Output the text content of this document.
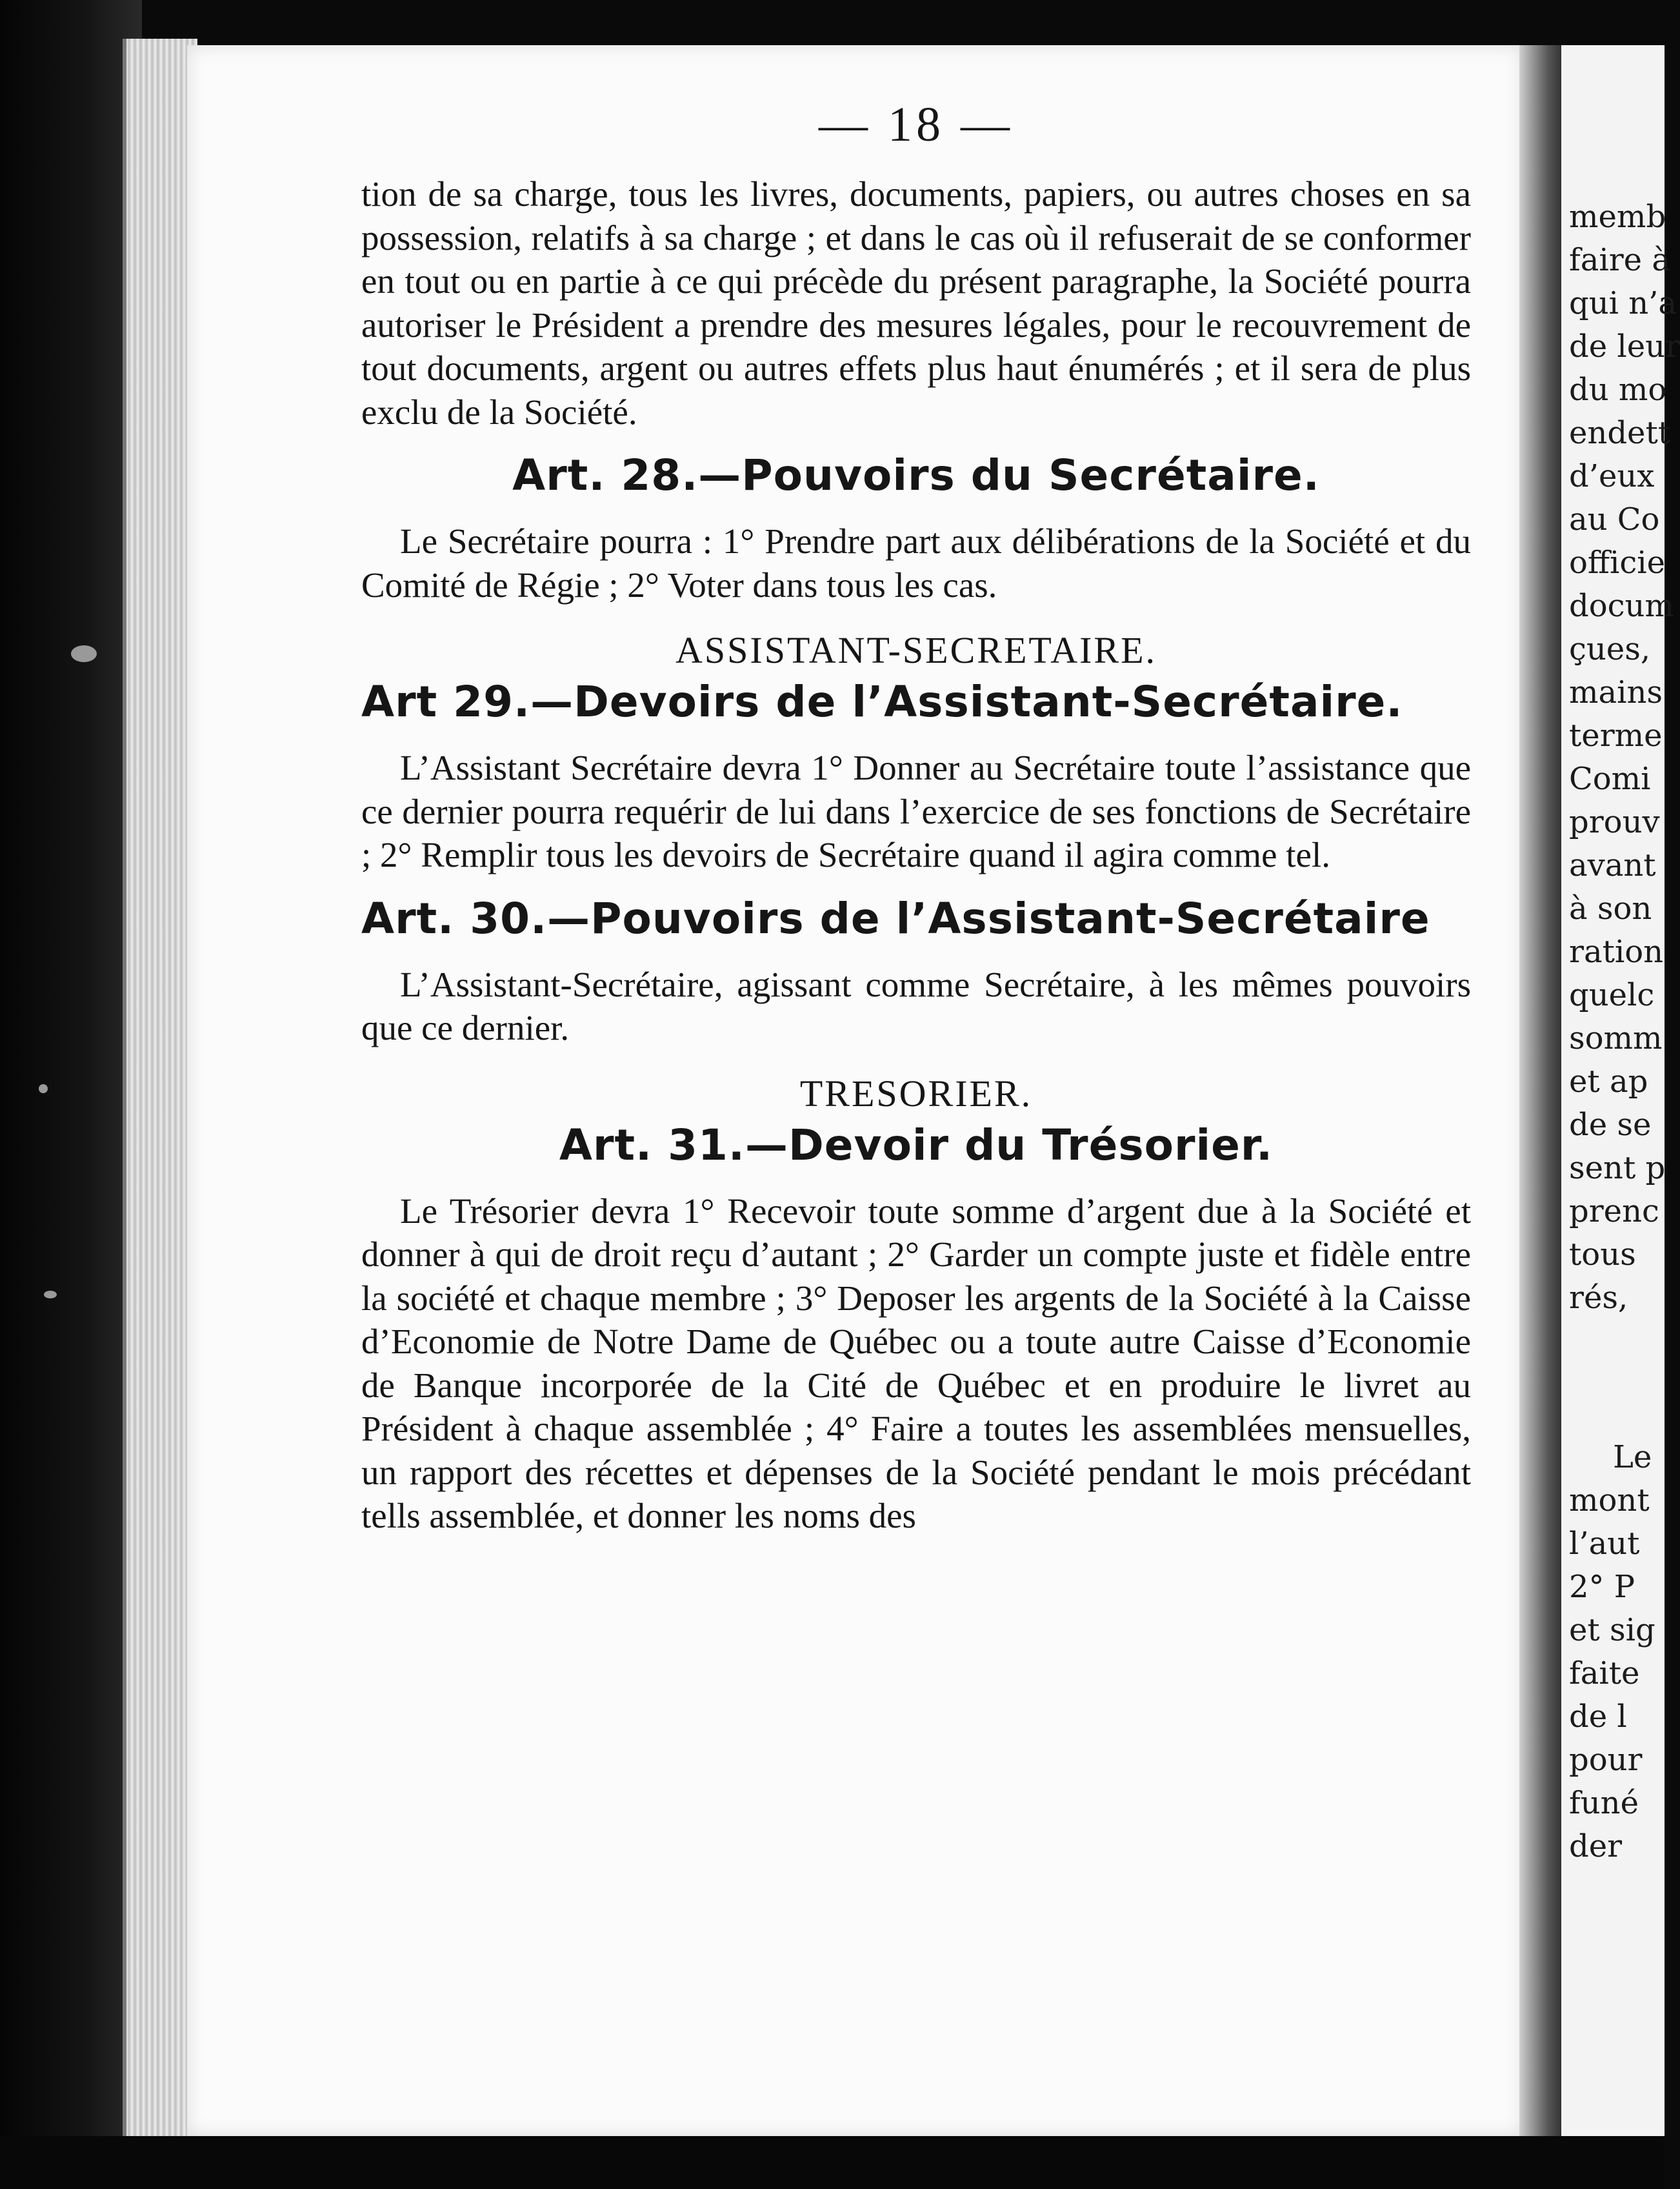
memb
faire à
qui n’a
de leur
du mo
endett
d’eux
au Co
officie
docum
çues,
mains
terme
Comi
prouv
avant
à son
ration
quelc
somm
et ap
de se
sent p
prenc
tous
rés,
Le
mont
l’aut
2° P
et sig
faite
de l
pour
funé
der
— 18 —

tion de sa charge, tous les livres, documents, papiers, ou autres choses en sa possession, relatifs à sa charge ; et dans le cas où il refuserait de se conformer en tout ou en partie à ce qui précède du présent paragraphe, la Société pourra autoriser le Président a prendre des mesures légales, pour le recouvrement de tout documents, argent ou autres effets plus haut énumérés ; et il sera de plus exclu de la Société.

Art. 28.—Pouvoirs du Secrétaire.

Le Secrétaire pourra : 1° Prendre part aux délibérations de la Société et du Comité de Régie ; 2° Voter dans tous les cas.

ASSISTANT-SECRETAIRE.
Art 29.—Devoirs de l’Assistant-Secrétaire.

L’Assistant Secrétaire devra 1° Donner au Secrétaire toute l’assistance que ce dernier pourra requérir de lui dans l’exercice de ses fonctions de Secrétaire ; 2° Remplir tous les devoirs de Secrétaire quand il agira comme tel.

Art. 30.—Pouvoirs de l’Assistant-Secrétaire

L’Assistant-Secrétaire, agissant comme Secrétaire, à les mêmes pouvoirs que ce dernier.

TRESORIER.
Art. 31.—Devoir du Trésorier.

Le Trésorier devra 1° Recevoir toute somme d’argent due à la Société et donner à qui de droit reçu d’autant ; 2° Garder un compte juste et fidèle entre la société et chaque membre ; 3° Deposer les argents de la Société à la Caisse d’Economie de Notre Dame de Québec ou a toute autre Caisse d’Economie de Banque incorporée de la Cité de Québec et en produire le livret au Président à chaque assemblée ; 4° Faire a toutes les assemblées mensuelles, un rapport des récettes et dépenses de la Société pendant le mois précédant tells assemblée, et donner les noms des
